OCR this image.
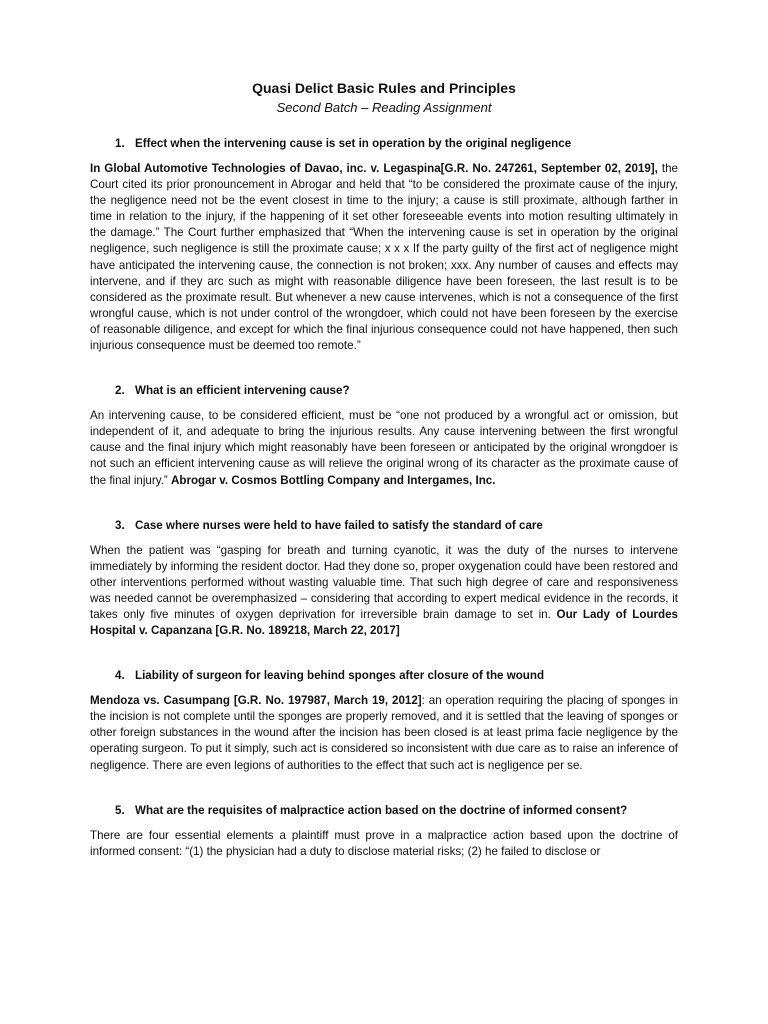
Quasi Delict Basic Rules and Principles

Second Batch – Reading Assignment

1. Effect when the intervening cause is set in operation by the original negligence

In Global Automotive Technologies of Davao, inc. v. Legaspina[G.R. No. 247261, September 02, 2019], the Court cited its prior pronouncement in Abrogar and held that “to be considered the proximate cause of the injury, the negligence need not be the event closest in time to the injury; a cause is still proximate, although farther in time in relation to the injury, if the happening of it set other foreseeable events into motion resulting ultimately in the damage.” The Court further emphasized that “When the intervening cause is set in operation by the original negligence, such negligence is still the proximate cause; x x x If the party guilty of the first act of negligence might have anticipated the intervening cause, the connection is not broken; xxx. Any number of causes and effects may intervene, and if they arc such as might with reasonable diligence have been foreseen, the last result is to be considered as the proximate result. But whenever a new cause intervenes, which is not a consequence of the first wrongful cause, which is not under control of the wrongdoer, which could not have been foreseen by the exercise of reasonable diligence, and except for which the final injurious consequence could not have happened, then such injurious consequence must be deemed too remote.”

2. What is an efficient intervening cause?

An intervening cause, to be considered efficient, must be “one not produced by a wrongful act or omission, but independent of it, and adequate to bring the injurious results. Any cause intervening between the first wrongful cause and the final injury which might reasonably have been foreseen or anticipated by the original wrongdoer is not such an efficient intervening cause as will relieve the original wrong of its character as the proximate cause of the final injury.” Abrogar v. Cosmos Bottling Company and Intergames, Inc.

3. Case where nurses were held to have failed to satisfy the standard of care

When the patient was “gasping for breath and turning cyanotic, it was the duty of the nurses to intervene immediately by informing the resident doctor. Had they done so, proper oxygenation could have been restored and other interventions performed without wasting valuable time. That such high degree of care and responsiveness was needed cannot be overemphasized – considering that according to expert medical evidence in the records, it takes only five minutes of oxygen deprivation for irreversible brain damage to set in. Our Lady of Lourdes Hospital v. Capanzana [G.R. No. 189218, March 22, 2017]

4. Liability of surgeon for leaving behind sponges after closure of the wound

Mendoza vs. Casumpang [G.R. No. 197987, March 19, 2012]: an operation requiring the placing of sponges in the incision is not complete until the sponges are properly removed, and it is settled that the leaving of sponges or other foreign substances in the wound after the incision has been closed is at least prima facie negligence by the operating surgeon. To put it simply, such act is considered so inconsistent with due care as to raise an inference of negligence. There are even legions of authorities to the effect that such act is negligence per se.

5. What are the requisites of malpractice action based on the doctrine of informed consent?

There are four essential elements a plaintiff must prove in a malpractice action based upon the doctrine of informed consent: “(1) the physician had a duty to disclose material risks; (2) he failed to disclose or
